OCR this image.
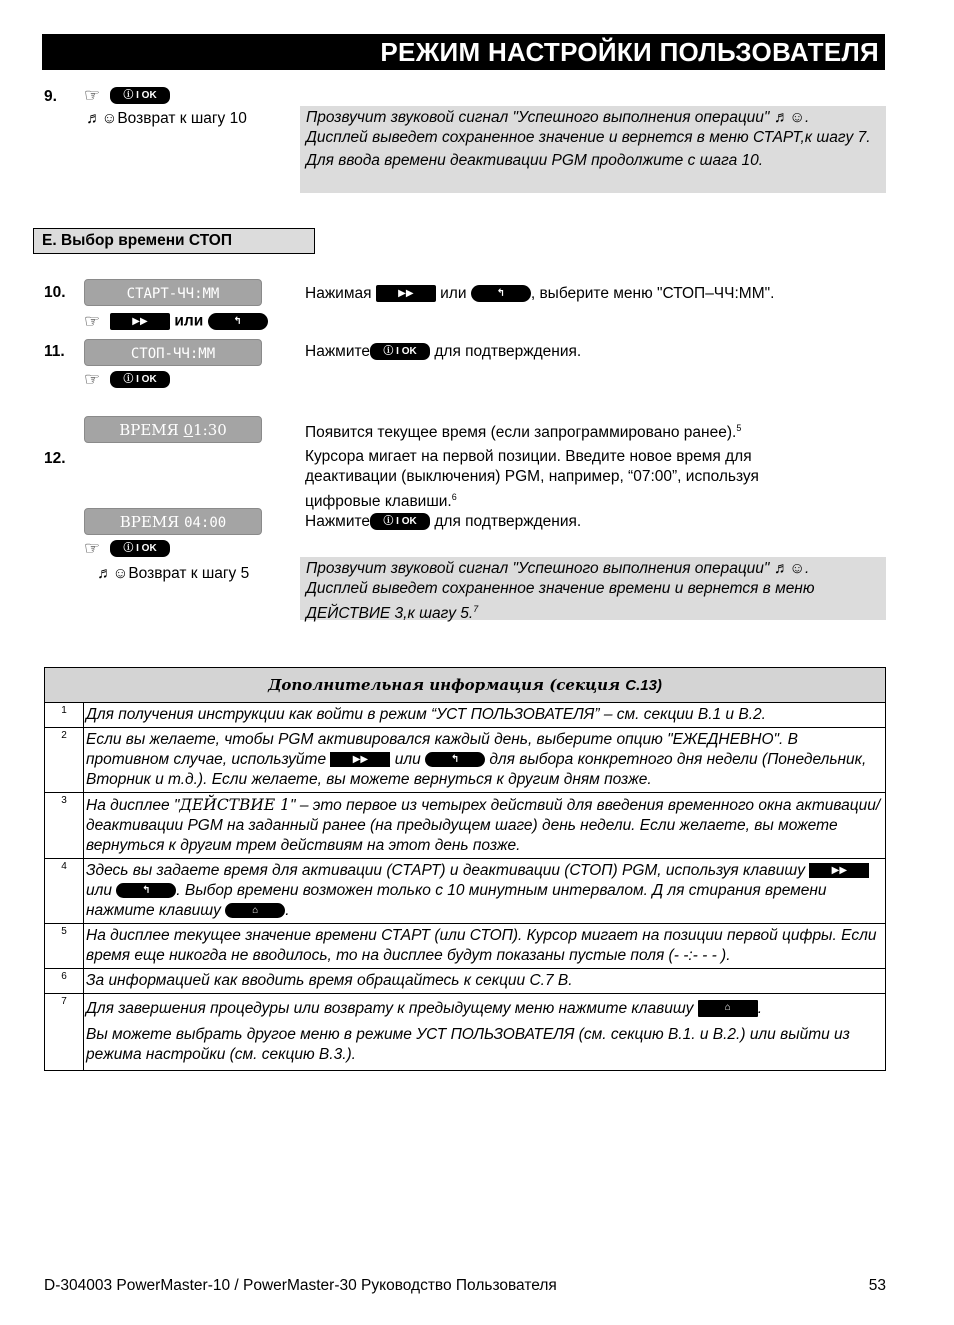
РЕЖИМ НАСТРОЙКИ ПОЛЬЗОВАТЕЛЯ
9. ☞ ⓘ I OK
♬☺Возврат к шагу 10	Прозвучит звуковой сигнал "Успешного выполнения операции" ♬☺.
Дисплей выведет сохраненное значение и вернется в меню СТАРТ,к шагу 7.
Для ввода времени деактивации PGM продолжите с шага 10.
E. Выбор времени СТОП
10.	СТАРТ-ЧЧ:ММ
☞	▶▶ или	↰
Нажимая	▶▶ или	↰ , выберите меню "СТОП–ЧЧ:ММ".
11.	СТОП-ЧЧ:ММ
☞ ⓘ I OK
Нажмите ⓘ I OK для подтверждения.
ВРЕМЯ 01:30	Появится текущее время (если запрограммировано ранее).$^5$
12.	Курсора мигает на первой позиции. Введите новое время для деактивации (выключения) PGM, например, “07:00”, используя цифровые клавиши.$^6$
ВРЕМЯ 04:00	Нажмите ⓘ I OK для подтверждения.
☞ ⓘ I OK
♬☺Возврат к шагу 5	Прозвучит звуковой сигнал "Успешного выполнения операции" ♬☺.
Дисплей выведет сохраненное значение времени и вернется в меню ДЕЙСТВИЕ 3,к шагу 5.$^7$
Дополнительная информация (секция C.13)	
1	Для получения инструкции как войти в режим “УСТ ПОЛЬЗОВАТЕЛЯ” – см. секции B.1 и B.2.
2	Если вы желаете, чтобы PGM активировался каждый день, выберите опцию "ЕЖЕДНЕВНО". В противном случае, используйте ▶▶ или ↰ для выбора конкретного дня недели (Понедельник, Вторник и т.д.). Если желаете, вы можете вернуться к другим дням позже.
3	На дисплее "ДЕЙСТВИЕ 1" – это первое из четырех действий для введения временного окна активации/деактивации PGM на заданный ранее (на предыдущем шаге) день недели. Если желаете, вы можете вернуться к другим трем действиям на этот день позже.
4	Здесь вы задаете время для активации (СТАРТ) и деактивации (СТОП) PGM, используя клавишу ▶▶ или ↰ . Выбор времени возможен только с 10 минутным интервалом. Д ля стирания времени нажмите клавишу ⌂ .
5	На дисплее текущее значение времени СТАРТ (или СТОП). Курсор мигает на позиции первой цифры. Если время еще никогда не вводилось, то на дисплее будут показаны пустые поля (- -:- - - ).
6	За информацией как вводить время обращайтесь к секции C.7 B.
7	Для завершения процедуры или возврату к предыдущему меню нажмите клавишу ⌂ .
Вы можете выбрать другое меню в режиме УСТ ПОЛЬЗОВАТЕЛЯ (см. секцию B.1. и B.2.) или выйти из режима настройки (см. секцию B.3.).
D-304003 PowerMaster-10 / PowerMaster-30 Руководство Пользователя	53
